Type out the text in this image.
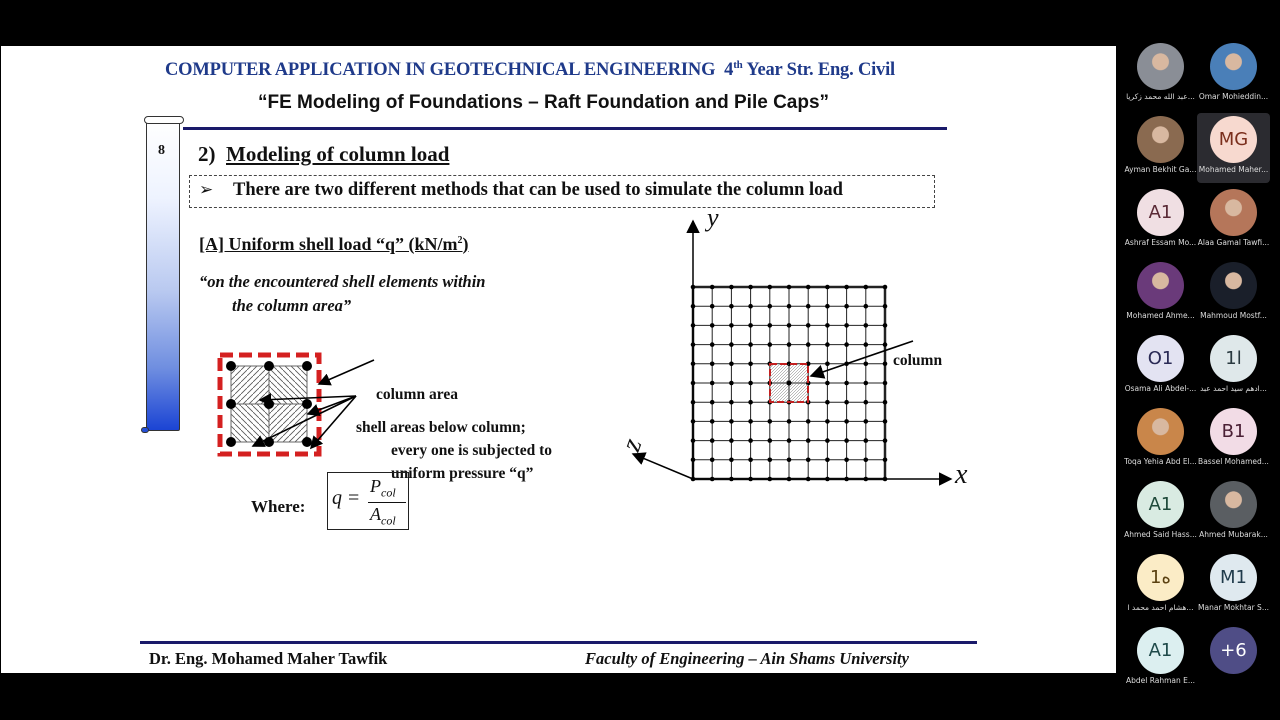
COMPUTER APPLICATION IN GEOTECHNICAL ENGINEERING 4th Year Str. Eng. Civil
“FE Modeling of Foundations – Raft Foundation and Pile Caps”
8 2) Modeling of column load
➢ There are two different methods that can be used to simulate the column load
[A] Uniform shell load “q” $(kN/m^2)$
“on the encountered shell elements within
the column area”
column area
shell areas below column;
every one is subjected to
uniform pressure “q”
Where: q =
$P_{col}$
$A_{col}$
y
x
z
column
Dr. Eng. Mohamed Maher Tawfik	Faculty of Engineering – Ain Shams University
عبد الله محمد زكريا... Omar Mohieddin...
Ayman Bekhit Ga...
MG
Mohamed Maher...
A1
Ashraf Essam Mo... Alaa Gamal Tawfi...
Mohamed Ahme... Mahmoud Mostf...
O1
Osama Ali Abdel-...
1l
ادهم سيد احمد عبد...
Toqa Yehia Abd El...
B1
Bassel Mohamed...
A1
Ahmed Said Hass... Ahmed Mubarak...
1ه
هشام احمد محمد ا...
M1
Manar Mokhtar S...
A1
Abdel Rahman E...
+6
